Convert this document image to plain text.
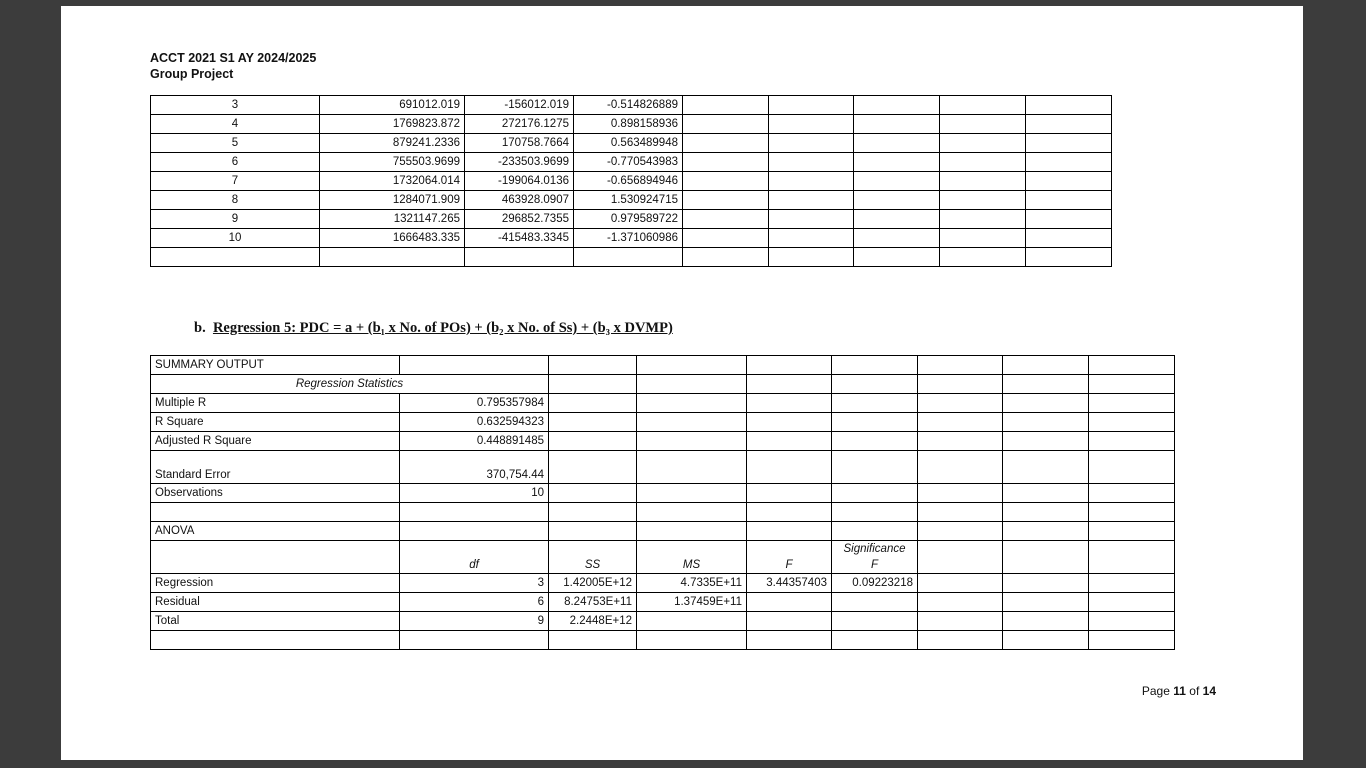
ACCT 2021 S1 AY 2024/2025
Group Project
3	691012.019	-156012.019	-0.514826889					
4	1769823.872	272176.1275	0.898158936					
5	879241.2336	170758.7664	0.563489948					
6	755503.9699	-233503.9699	-0.770543983					
7	1732064.014	-199064.0136	-0.656894946					
8	1284071.909	463928.0907	1.530924715					
9	1321147.265	296852.7355	0.979589722					
10	1666483.335	-415483.3345	-1.371060986					

b. Regression 5: PDC = a + (b₁ x No. of POs) + (b₂ x No. of Ss) + (b₃ x DVMP)
SUMMARY OUTPUT								
Regression Statistics								
Multiple R	0.795357984							
R Square	0.632594323							
Adjusted R Square	0.448891485							
Standard Error	370,754.44							
Observations	10							

ANOVA								
	df	SS	MS	F	Significance
F			

Regression	3	1.42005E+12	4.7335E+11	3.44357403	0.09223218			
Residual	6	8.24753E+11	1.37459E+11					
Total	9	2.2448E+12						

Page 11 of 14
